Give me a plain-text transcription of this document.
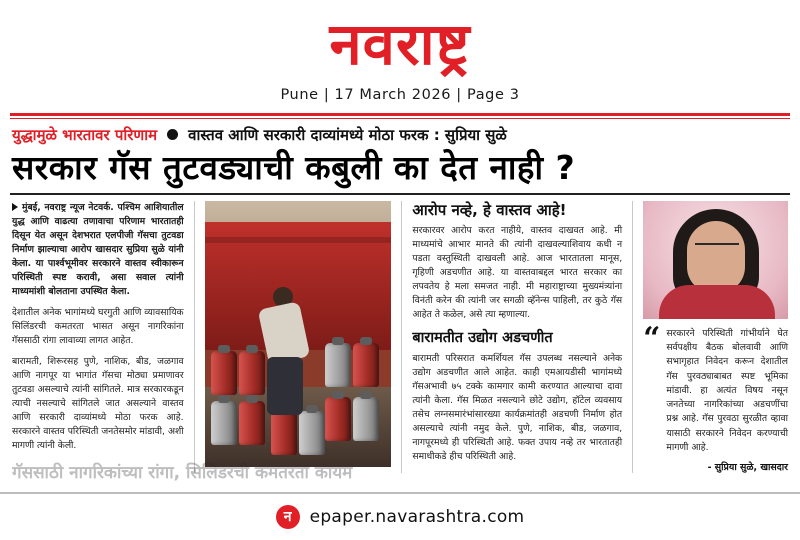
नवराष्ट्र
Pune | 17 March 2026 | Page 3
युद्धामुळे भारतावर परिणाम वास्तव आणि सरकारी दाव्यांमध्ये मोठा फरक : सुप्रिया सुळे
सरकार गॅस तुटवड्याची कबुली का देत नाही ?

मुंबई, नवराष्ट्र न्यूज नेटवर्क. पश्चिम आशियातील युद्ध आणि वाढत्या तणावाचा परिणाम भारतातही दिसून येत असून देशभरात एलपीजी गॅसचा तुटवडा निर्माण झाल्याचा आरोप खासदार सुप्रिया सुळे यांनी केला. या पार्श्वभूमीवर सरकारने वास्तव स्वीकारून परिस्थिती स्पष्ट करावी, असा सवाल त्यांनी माध्यमांशी बोलताना उपस्थित केला.

देशातील अनेक भागांमध्ये घरगुती आणि व्यावसायिक सिलिंडरची कमतरता भासत असून नागरिकांना गॅससाठी रांगा लावाव्या लागत आहेत.

बारामती, शिरूरसह पुणे, नाशिक, बीड, जळगाव आणि नागपूर या भागांत गॅसचा मोठ्या प्रमाणावर तुटवडा असल्याचे त्यांनी सांगितले. मात्र सरकारकडून त्याची नसल्याचे सांगितले जात असल्याने वास्तव आणि सरकारी दाव्यांमध्ये मोठा फरक आहे. सरकारने वास्तव परिस्थिती जनतेसमोर मांडावी, अशी मागणी त्यांनी केली.

आरोप नव्हे, हे वास्तव आहे!

सरकारवर आरोप करत नाहीये, वास्तव दाखवत आहे. मी माध्यमांचे आभार मानते की त्यांनी दाखवल्याशिवाय कधी न पडता वस्तुस्थिती दाखवली आहे. आज भारतातला मानूस, गृहिणी अडचणीत आहे. या वास्तवाबद्दल भारत सरकार का लपवतेय हे मला समजत नाही. मी महाराष्ट्राच्या मुख्यमंत्र्यांना विनंती करेन की त्यांनी जर सगळी व्हॅनेन्स पाहिली, तर कुठे गॅस आहेत ते कळेल, असे त्या म्हणाल्या.

बारामतीत उद्योग अडचणीत

बारामती परिसरात कमर्शियल गॅस उपलब्ध नसल्याने अनेक उद्योग अडचणीत आले आहेत. काही एमआयडीसी भागांमध्ये गॅसअभावी ७५ टक्के कामगार कामी करण्यात आल्याचा दावा त्यांनी केला. गॅस मिळत नसल्याने छोटे उद्योग, हॉटेल व्यवसाय तसेच लग्नसमारंभांसारख्या कार्यक्रमांतही अडचणी निर्माण होत असल्याचे त्यांनी नमुद केले. पुणे, नाशिक, बीड, जळगाव, नागपूरमध्ये ही परिस्थिती आहे. फक्त उपाय नव्हे तर भारतातही समाधीकडे हीच परिस्थिती आहे.

“ सरकारने परिस्थिती गांभीर्याने घेत सर्वपक्षीय बैठक बोलवावी आणि सभागृहात निवेदन करून देशातील गॅस पुरवठ्याबाबत स्पष्ट भूमिका मांडावी. हा अत्यंत विषय नसून जनतेच्या नागरिकांच्या अडचणींचा प्रश्न आहे. गॅस पुरवठा सुरळीत व्हावा यासाठी सरकारने निवेदन करण्याची मागणी आहे.
- सुप्रिया सुळे, खासदार
गॅससाठी नागरिकांच्या रांगा, सिलिंडरची कमतरता कायम
न	epaper.navarashtra.com
